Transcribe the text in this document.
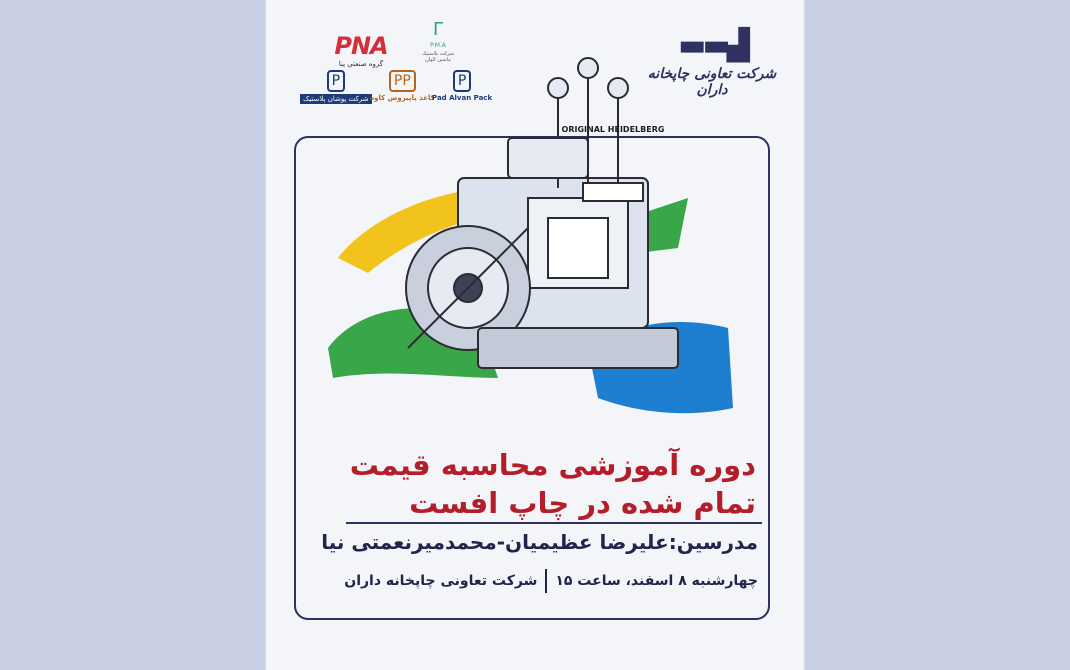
PNA
گروه صنعتی پنا
ᒥ
P.M.A
شرکت پلاستیک ماشین الوان
P
شرکت پوشان پلاستیک
PP
کاغذ پاپیروس کاوه
P
Pad Alvan Pack
▬▬▟
شرکت تعاونی چاپخانه داران
ORIGINAL HEIDELBERG

دوره آموزشی محاسبه قیمت

تمام شده در چاپ افست

مدرسین:علیرضا عظیمیان-محمدمیرنعمتی نیا
چهارشنبه ۸ اسفند، ساعت ۱۵
شرکت تعاونی چاپخانه داران
